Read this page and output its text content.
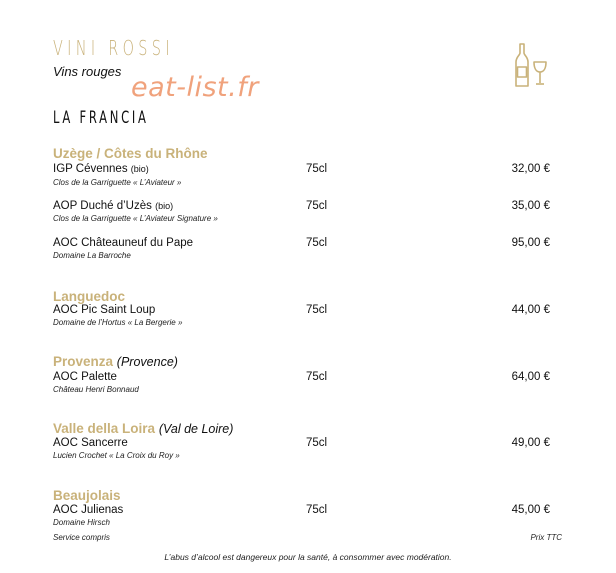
VINI ROSSI
Vins rouges
eat-list.fr
LA FRANCIA
Uzège / Côtes du Rhône
IGP Cévennes (bio)
Clos de la Garriguette « L’Aviateur »
75cl	32,00 €
AOP Duché d’Uzès (bio)
Clos de la Garriguette « L’Aviateur Signature »
75cl	35,00 €
AOC Châteauneuf du Pape
Domaine La Barroche
75cl	95,00 €
Languedoc
AOC Pic Saint Loup
Domaine de l’Hortus « La Bergerie »
75cl	44,00 €
Provenza (Provence)
AOC Palette
Château Henri Bonnaud
75cl	64,00 €
Valle della Loira (Val de Loire)
AOC Sancerre
Lucien Crochet « La Croix du Roy »
75cl	49,00 €
Beaujolais
AOC Julienas
Domaine Hirsch
75cl	45,00 €
Service compris	Prix TTC
L’abus d’alcool est dangereux pour la santé, à consommer avec modération.
